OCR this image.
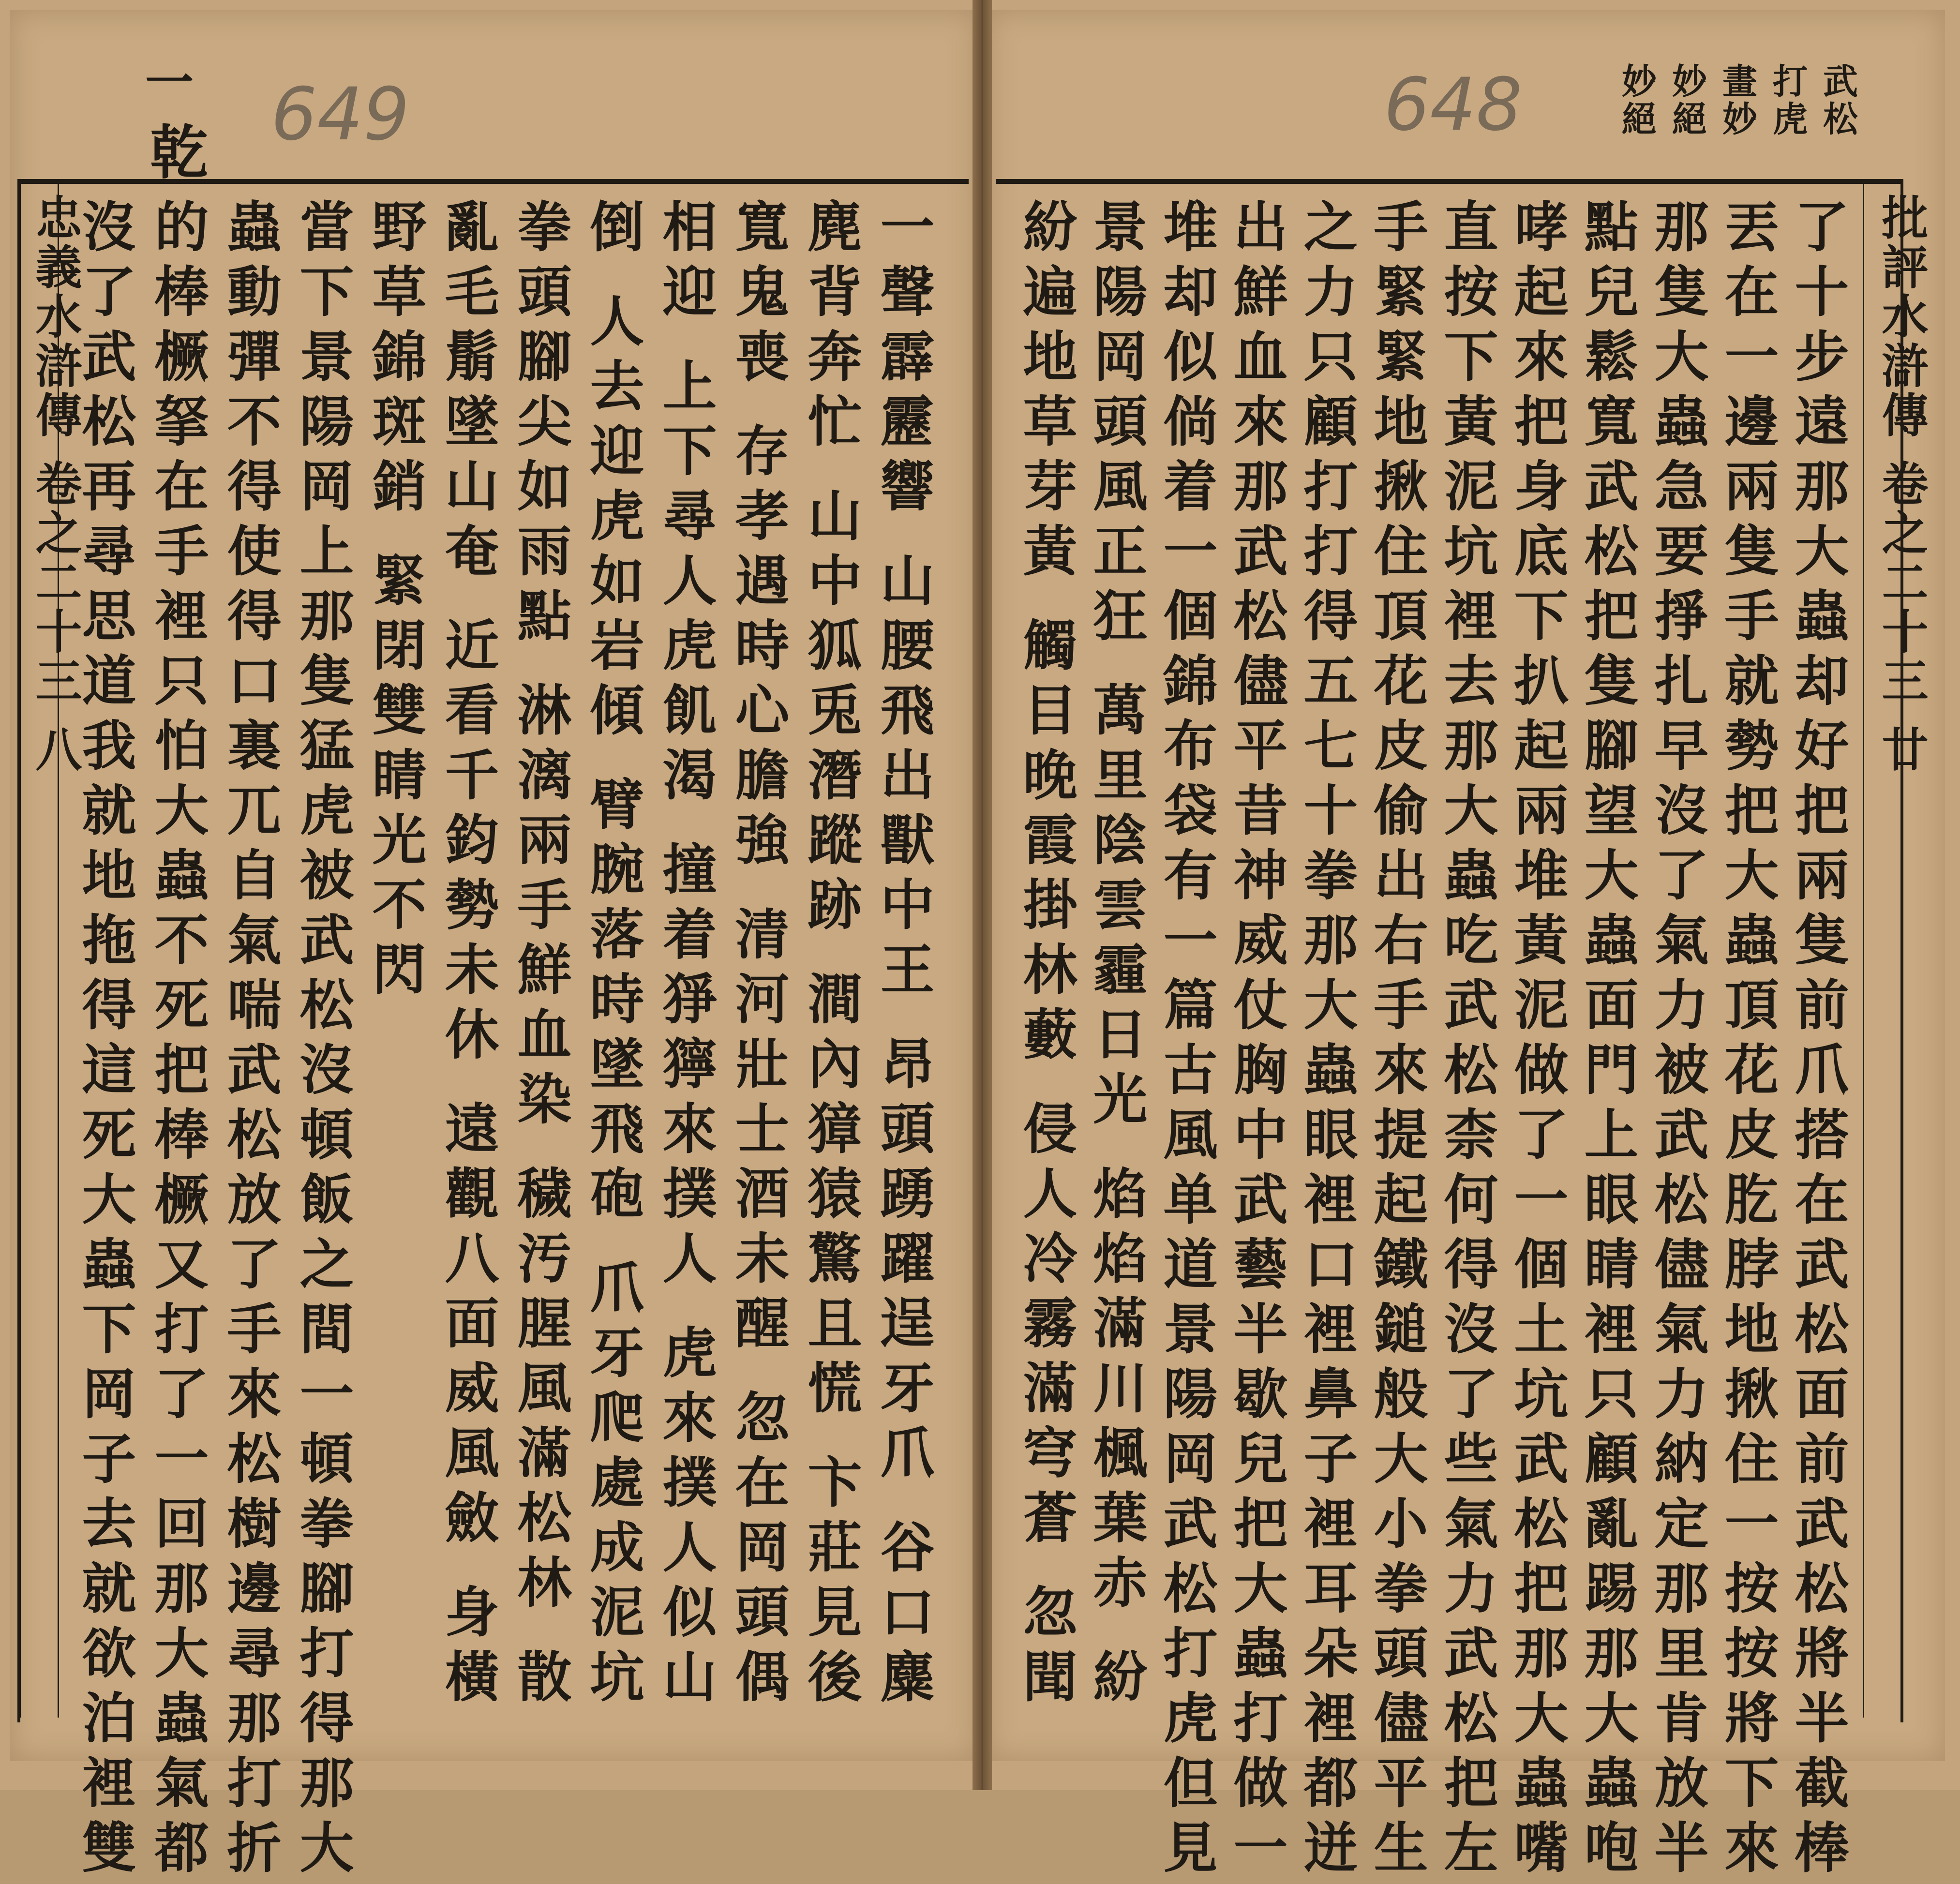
一
乾 649	648	武松打虎 畫妙 妙絕 妙絕
忠義水滸傳 卷之二十三 八	批評水滸傳 卷之二十三 廿
沒了武松再尋思道我就地拖得這死大蟲下岡子去就欲泊裡雙 的棒橛拏在手裡只怕大蟲不死把棒橛又打了一回那大蟲氣都 蟲動彈不得使得口裏兀自氣喘武松放了手來松樹邊尋那打折 當下景陽岡上那隻猛虎被武松沒頓飯之間一頓拳腳打得那大 野草錦斑銷 緊閉雙睛光不閃 亂毛鬅墜山奄 近看千鈞勢未休 遠觀八面威風斂 身橫 拳頭腳尖如雨點 淋漓兩手鮮血染 穢汚腥風滿松林 散 倒 人去迎虎如岩傾 臂腕落時墜飛砲 爪牙爬處成泥坑 相迎 上下尋人虎飢渴 撞着猙獰來撲人 虎來撲人似山 寬鬼喪 存孝遇時心膽強 清河壯士酒未醒 忽在岡頭偶 麂背奔忙 山中狐兎潛蹤跡 澗內獐猿驚且慌 卞莊見後 一聲霹靂響 山腰飛出獸中王 昂頭踴躍逞牙爪 谷口麋	了十步遠那大蟲却好把兩隻前爪搭在武松面前武松將半截棒
丟在一邊兩隻手就勢把大蟲頂花皮肐脖地揪住一按按將下來
那隻大蟲急要掙扎早沒了氣力被武松儘氣力納定那里肯放半
點兒鬆寬武松把隻腳望大蟲面門上眼睛裡只顧亂踢那大蟲咆
哮起來把身底下扒起兩堆黃泥做了一個土坑武松把那大蟲嘴
直按下黃泥坑裡去那大蟲吃武松柰何得沒了些氣力武松把左
手緊緊地揪住頂花皮偷出右手來提起鐵鎚般大小拳頭儘平生
之力只顧打打得五七十拳那大蟲眼裡口裡鼻子裡耳朵裡都迸
出鮮血來那武松儘平昔神威仗胸中武藝半歇兒把大蟲打做一
堆却似倘着一個錦布袋有一篇古風单道景陽岡武松打虎但見
景陽岡頭風正狂 萬里陰雲霾日光 焰焰滿川楓葉赤 紛
紛遍地草芽黃 觸目晚霞掛林藪 侵人冷霧滿穹蒼 忽聞
